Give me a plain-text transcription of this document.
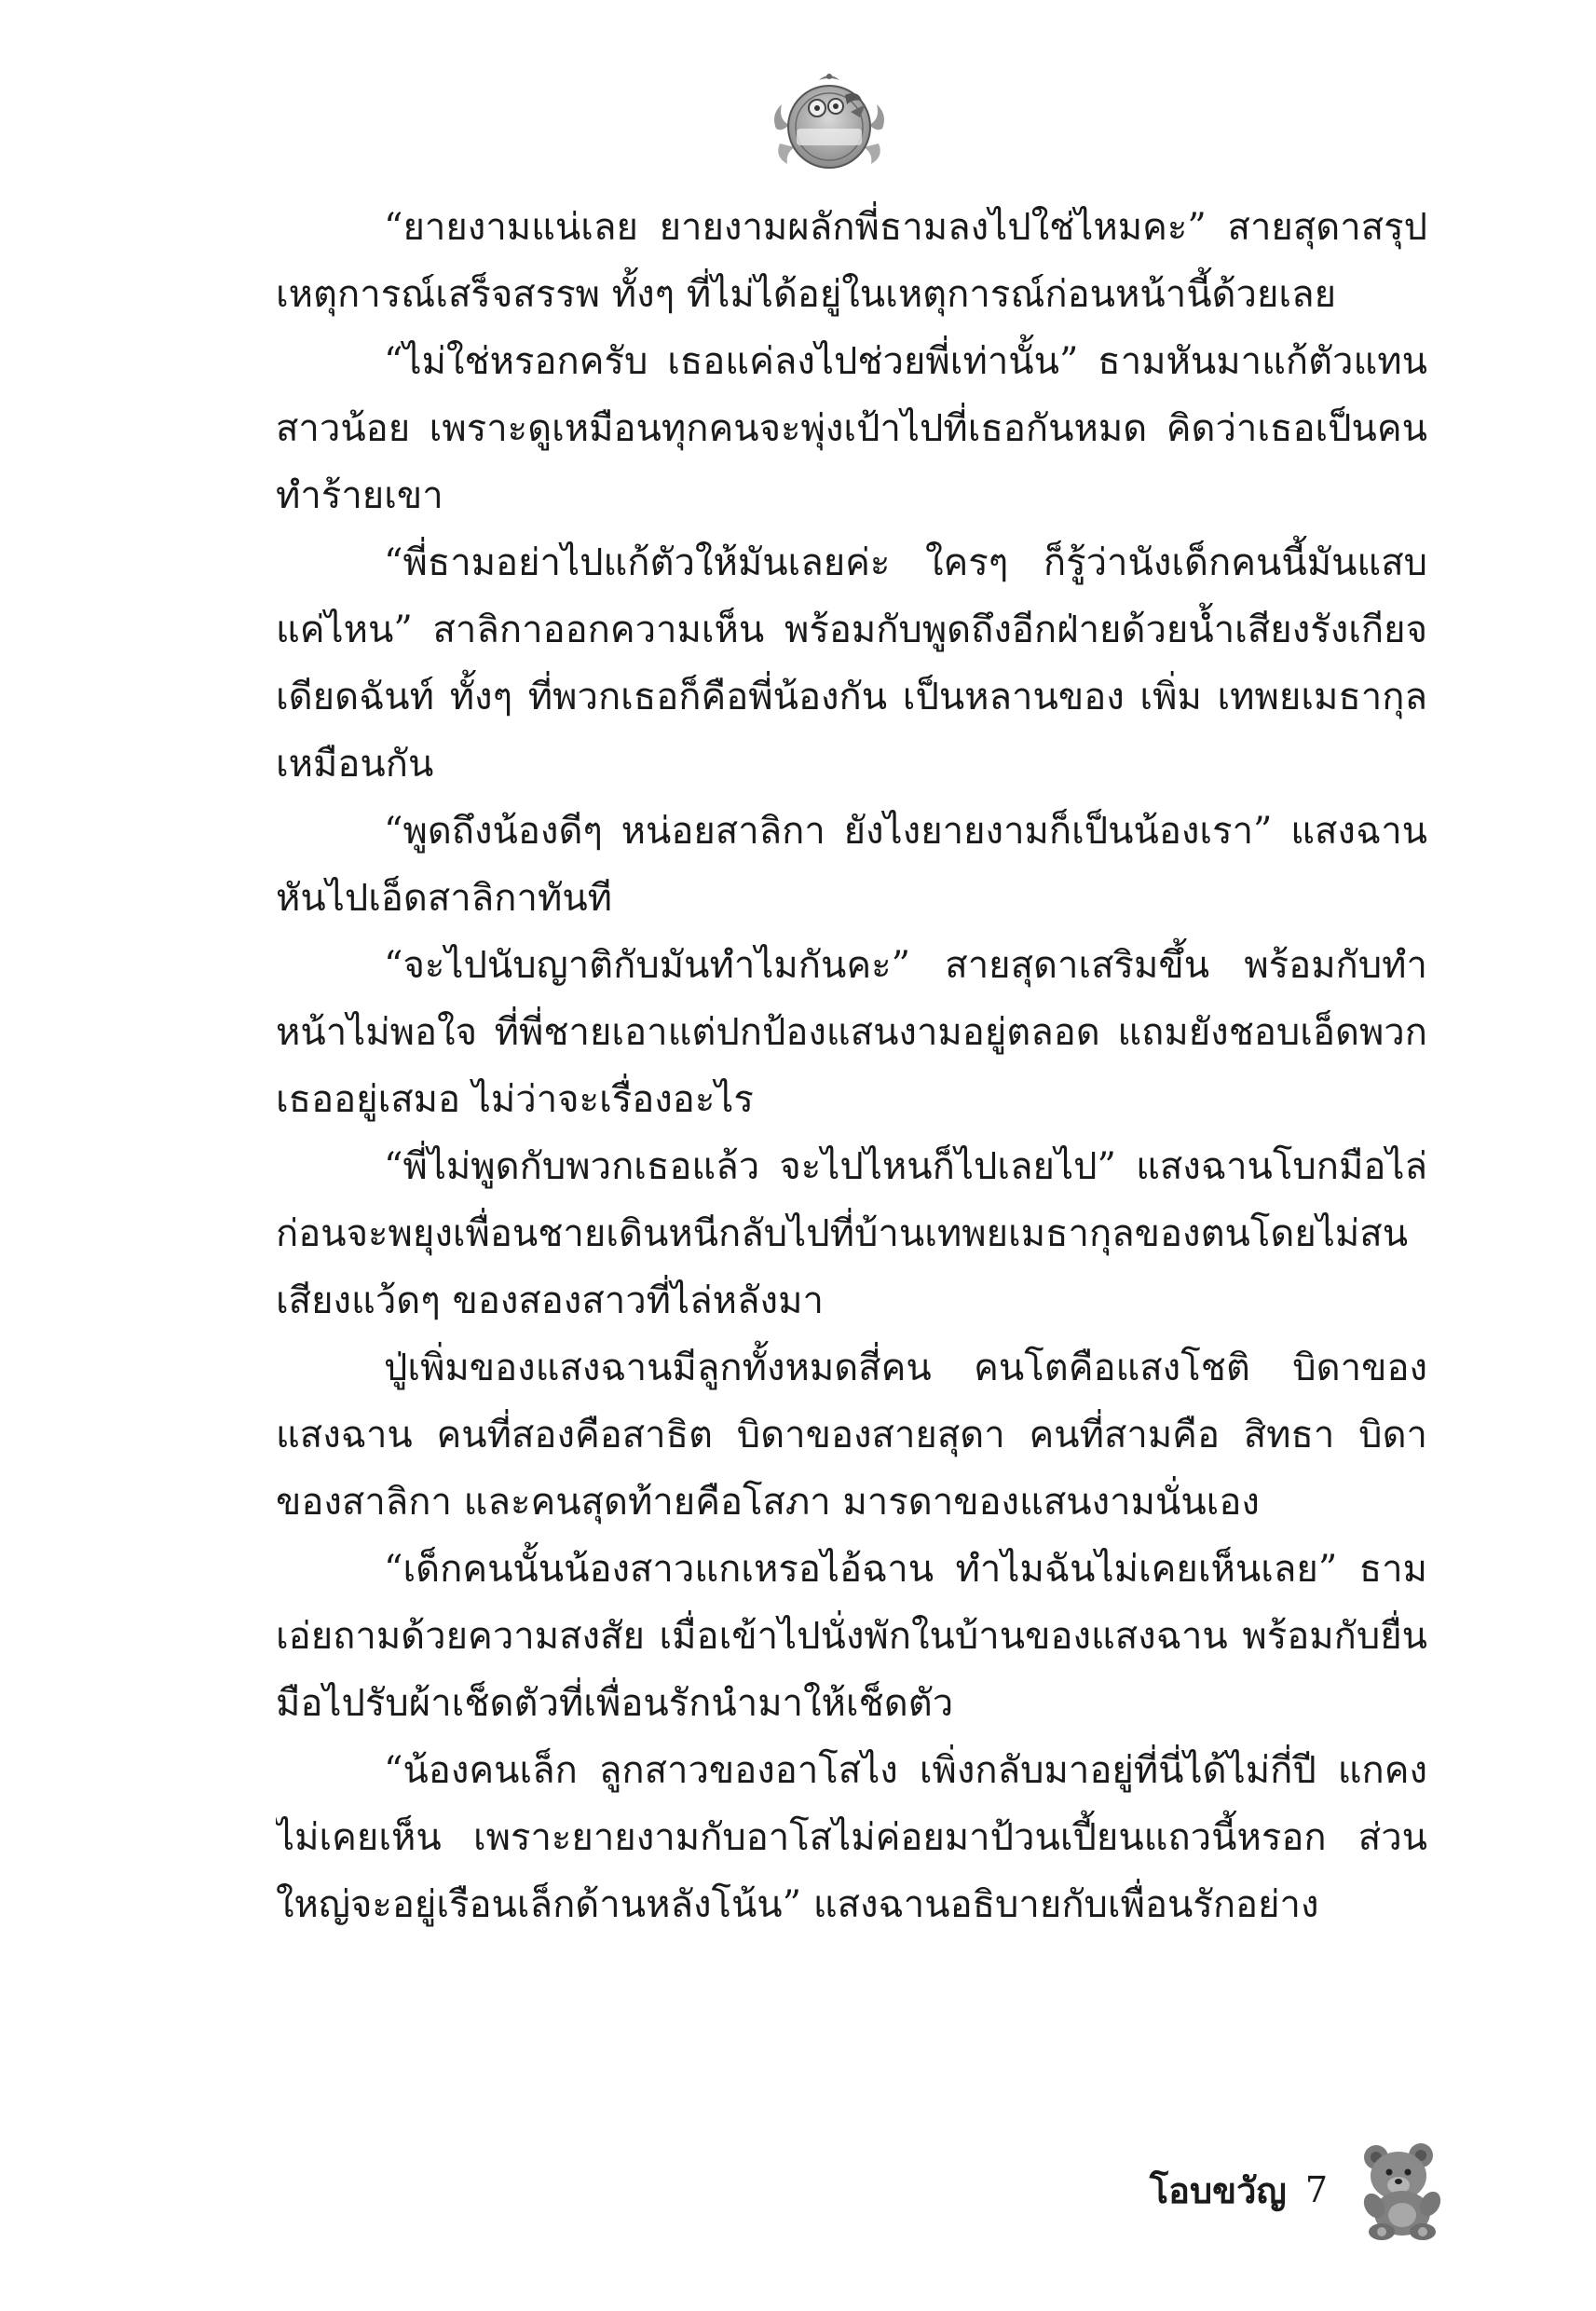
“ยายงามแน่เลย ยายงามผลักพี่ธามลงไปใช่ไหมคะ” สายสุดาสรุปเหตุการณ์เสร็จสรรพ ทั้งๆ ที่ไม่ได้อยู่ในเหตุการณ์ก่อนหน้านี้ด้วยเลย

“ไม่ใช่หรอกครับ เธอแค่ลงไปช่วยพี่เท่านั้น” ธามหันมาแก้ตัวแทนสาวน้อย เพราะดูเหมือนทุกคนจะพุ่งเป้าไปที่เธอกันหมด คิดว่าเธอเป็นคนทำร้ายเขา

“พี่ธามอย่าไปแก้ตัวให้มันเลยค่ะ ใครๆ ก็รู้ว่านังเด็กคนนี้มันแสบแค่ไหน” สาลิกาออกความเห็น พร้อมกับพูดถึงอีกฝ่ายด้วยน้ำเสียงรังเกียจเดียดฉันท์ ทั้งๆ ที่พวกเธอก็คือพี่น้องกัน เป็นหลานของ เพิ่ม เทพยเมธากุล เหมือนกัน

“พูดถึงน้องดีๆ หน่อยสาลิกา ยังไงยายงามก็เป็นน้องเรา” แสงฉานหันไปเอ็ดสาลิกาทันที

“จะไปนับญาติกับมันทำไมกันคะ” สายสุดาเสริมขึ้น พร้อมกับทำหน้าไม่พอใจ ที่พี่ชายเอาแต่ปกป้องแสนงามอยู่ตลอด แถมยังชอบเอ็ดพวกเธออยู่เสมอ ไม่ว่าจะเรื่องอะไร

“พี่ไม่พูดกับพวกเธอแล้ว จะไปไหนก็ไปเลยไป” แสงฉานโบกมือไล่ ก่อนจะพยุงเพื่อนชายเดินหนีกลับไปที่บ้านเทพยเมธากุลของตนโดยไม่สนเสียงแว้ดๆ ของสองสาวที่ไล่หลังมา

ปู่เพิ่มของแสงฉานมีลูกทั้งหมดสี่คน คนโตคือแสงโชติ บิดาของแสงฉาน คนที่สองคือสาธิต บิดาของสายสุดา คนที่สามคือ สิทธา บิดาของสาลิกา และคนสุดท้ายคือโสภา มารดาของแสนงามนั่นเอง

“เด็กคนนั้นน้องสาวแกเหรอไอ้ฉาน ทำไมฉันไม่เคยเห็นเลย” ธามเอ่ยถามด้วยความสงสัย เมื่อเข้าไปนั่งพักในบ้านของแสงฉาน พร้อมกับยื่นมือไปรับผ้าเช็ดตัวที่เพื่อนรักนำมาให้เช็ดตัว

“น้องคนเล็ก ลูกสาวของอาโสไง เพิ่งกลับมาอยู่ที่นี่ได้ไม่กี่ปี แกคงไม่เคยเห็น เพราะยายงามกับอาโสไม่ค่อยมาป้วนเปี้ยนแถวนี้หรอก ส่วนใหญ่จะอยู่เรือนเล็กด้านหลังโน้น” แสงฉานอธิบายกับเพื่อนรักอย่าง

โอบขวัญ 7
